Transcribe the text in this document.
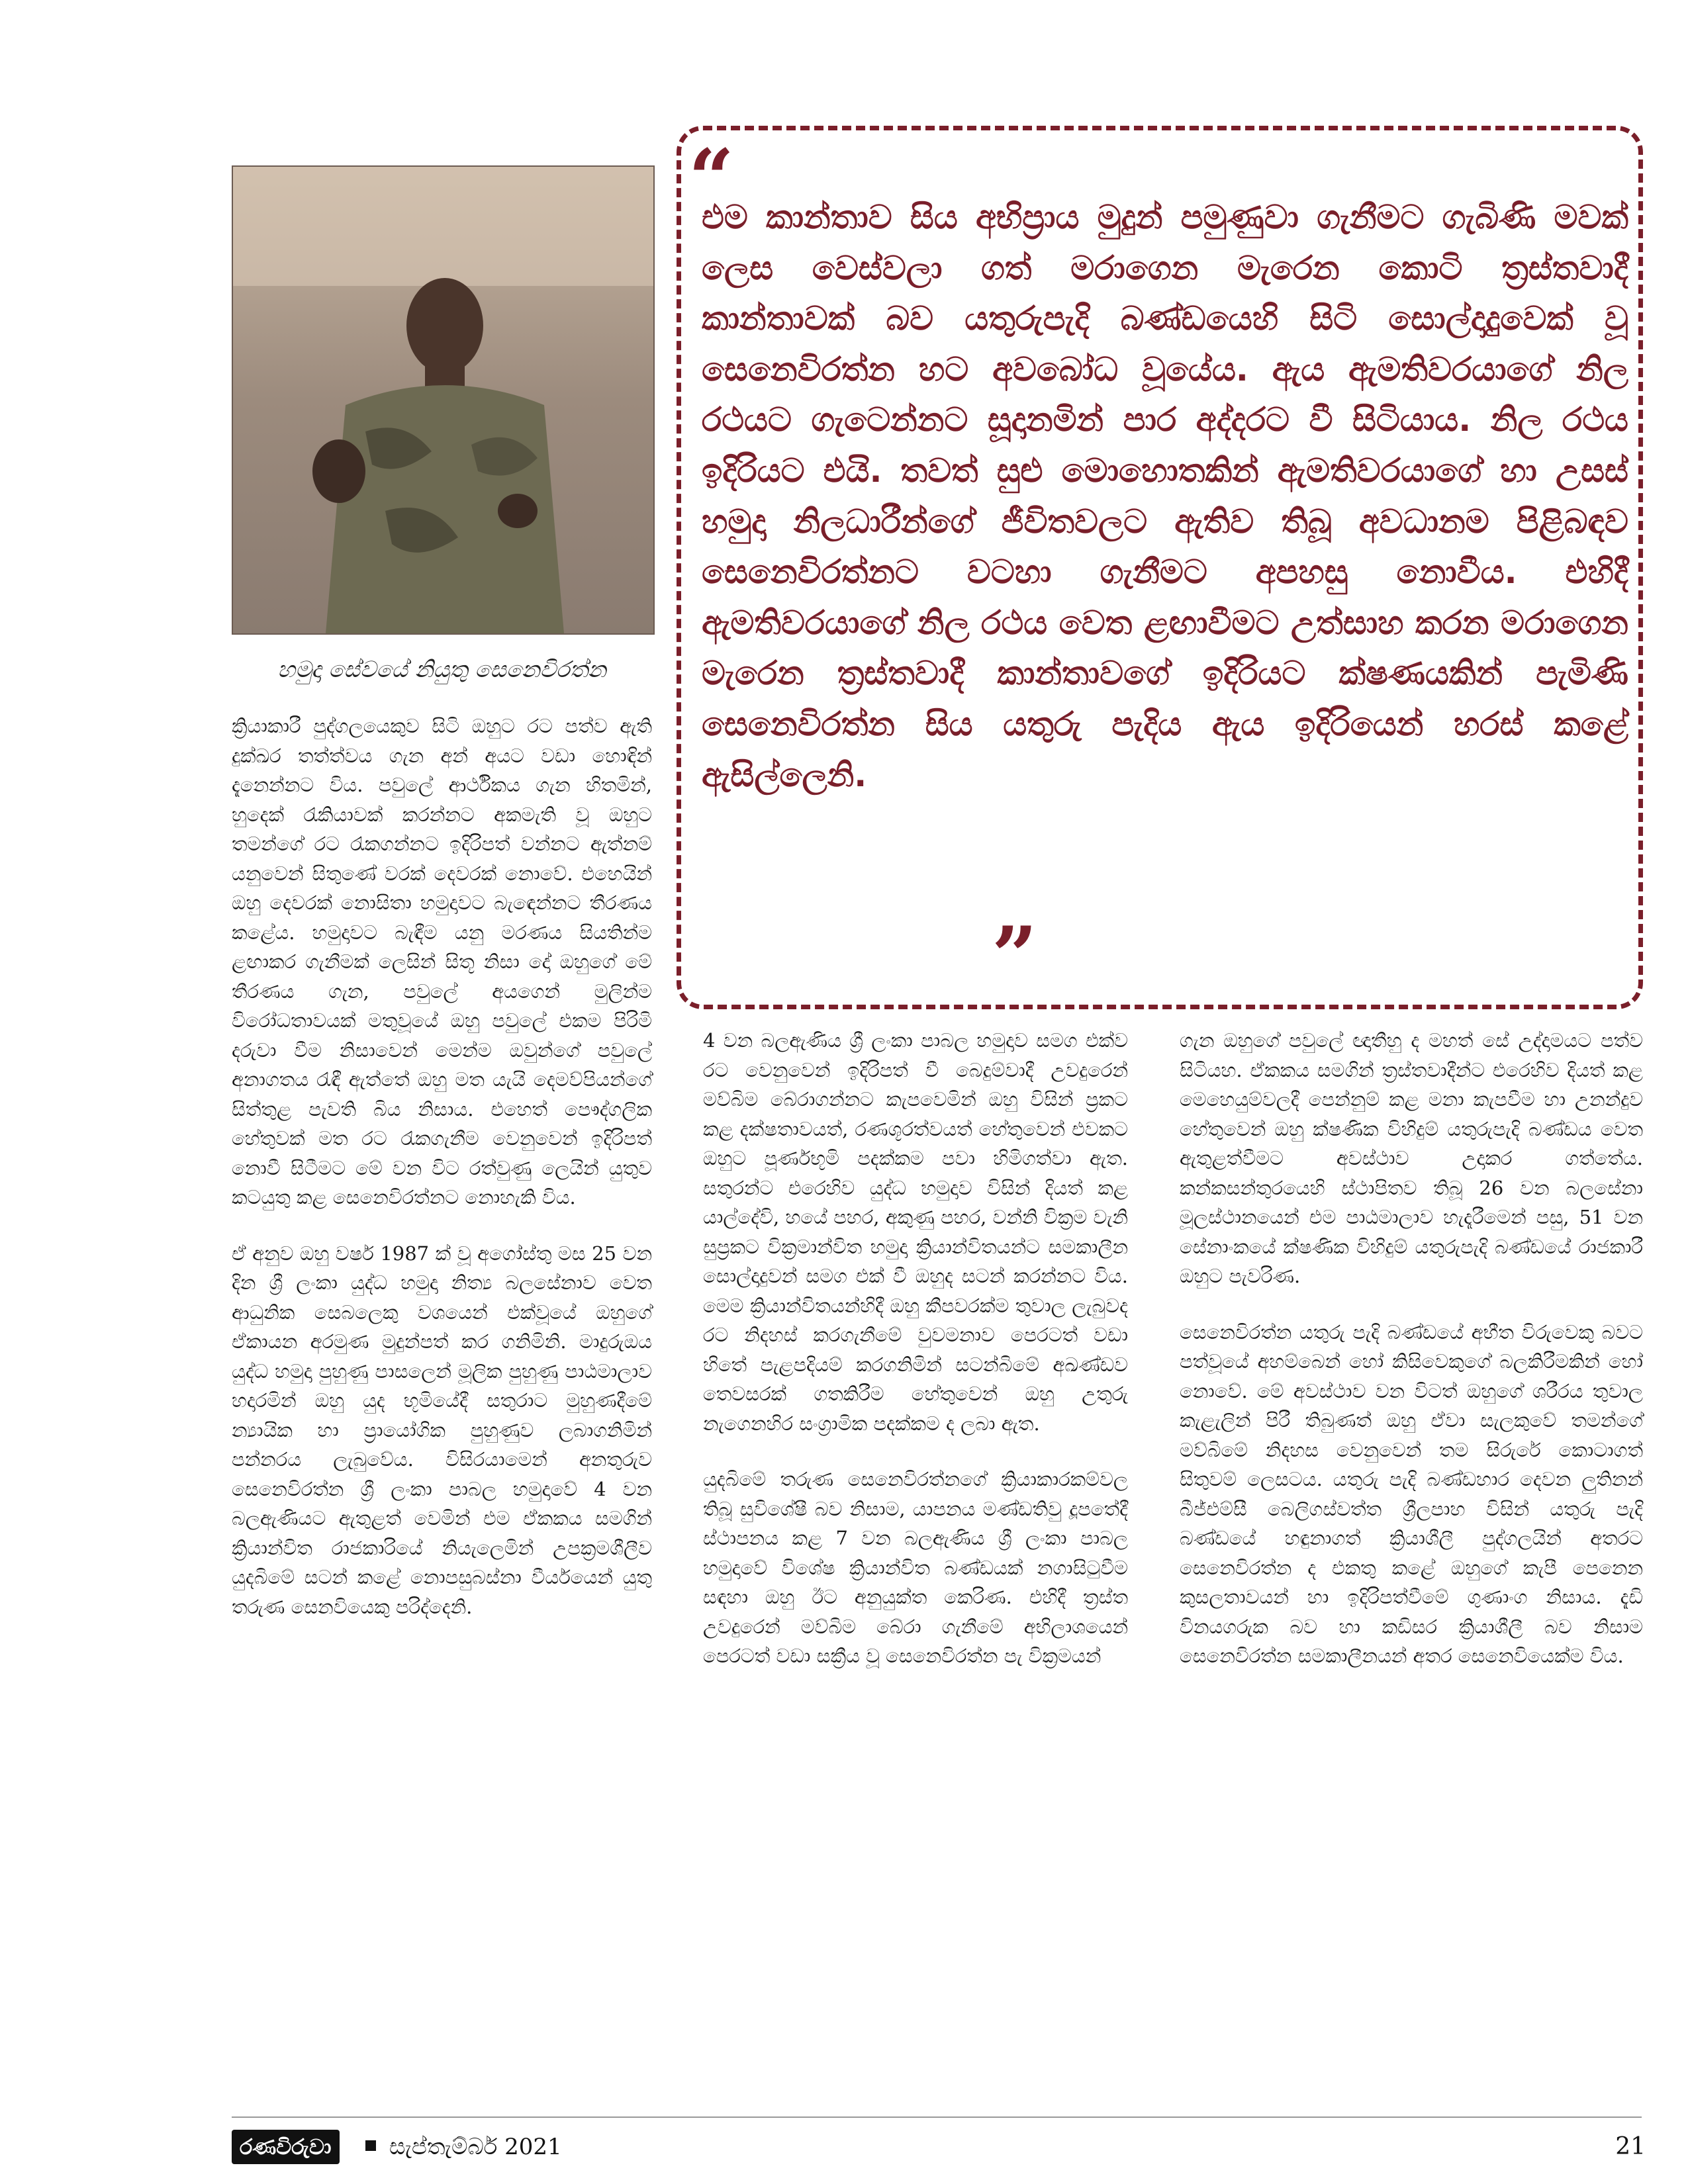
හමුදා සේවයේ නියුතු සෙනෙවිරත්න
“

එම කාන්තාව සිය අභිප්‍රාය මුදුන් පමුණුවා ගැනීමට ගැබිණි මවක් ලෙස වෙස්වලා ගත් මරාගෙන මැරෙන කොටි ත්‍රස්තවාදී කාන්තාවක් බව යතුරුපැදි බණ්ඩයෙහි සිටි සොල්දාදුවෙක් වූ සෙනෙවිරත්න හට අවබෝධ වූයේය. ඇය ඇමතිවරයාගේ නිල රථයට ගැටෙන්නට සූදානමින් පාර අද්දරට වී සිටියාය. නිල රථය ඉදිරියට එයි. තවත් සුළු මොහොතකින් ඇමතිවරයාගේ හා උසස් හමුදා නිලධාරීන්ගේ ජීවිතවලට ඇතිව තිබූ අවධානම පිළිබඳව සෙනෙවිරත්නට වටහා ගැනීමට අපහසු නොවීය. එහිදී ඇමතිවරයාගේ නිල රථය වෙත ළඟාවීමට උත්සාහ කරන මරාගෙන මැරෙන ත්‍රස්තවාදී කාන්තාවගේ ඉදිරියට ක්ෂණයකින් පැමිණි සෙනෙවිරත්න සිය යතුරු පැදිය ඇය ඉදිරියෙන් හරස් කළේ ඇසිල්ලෙනි.

”

ක්‍රියාකාරී පුද්ගලයෙකුව සිටි ඔහුට රට පත්ව ඇති දුක්ඛර තත්ත්වය ගැන අන් අයට වඩා හොඳින් දැනෙන්නට විය. පවුලේ ආර්ථිකය ගැන හිතමින්, හුදෙක් රැකියාවක් කරන්නට අකමැති වූ ඔහුට තමන්ගේ රට රැකගන්නට ඉදිරිපත් වන්නට ඇත්නම් යනුවෙන් සිතුණේ වරක් දෙවරක් නොවේ. එහෙයින් ඔහු දෙවරක් නොසිතා හමුදාවට බැඳෙන්නට තීරණය කළේය. හමුදාවට බැඳීම යනු මරණය සියතින්ම ළඟාකර ගැනීමක් ලෙසින් සිතූ නිසා දෝ ඔහුගේ මේ තීරණය ගැන, පවුලේ අයගෙන් මුලින්ම විරෝධතාවයක් මතුවූයේ ඔහු පවුලේ එකම පිරිමි දරුවා වීම නිසාවෙන් මෙන්ම ඔවුන්ගේ පවුලේ අනාගතය රැඳී ඇත්තේ ඔහු මත යැයි දෙමව්පියන්ගේ සිත්තුළ පැවති බිය නිසාය. එහෙත් පෞද්ගලික හේතුවක් මත රට රැකගැනීම වෙනුවෙන් ඉදිරිපත් නොවී සිටීමට මේ වන විට රත්වුණු ලෙයින් යුතුව කටයුතු කළ සෙනෙවිරත්නට නොහැකි විය.

ඒ අනුව ඔහු වර්ෂ 1987 ක් වූ අගෝස්තු මස 25 වන දින ශ්‍රී ලංකා යුද්ධ හමුදා නිත්‍ය බලසේනාව වෙත ආධුනික සෙබලෙකු වශයෙන් එක්වූයේ ඔහුගේ ඒකායන අරමුණ මුදුන්පත් කර ගනිමිනි. මාදුරුඔය යුද්ධ හමුදා පුහුණු පාසලෙන් මූලික පුහුණු පාඨමාලාව හදාරමින් ඔහු යුද භූමියේදී සතුරාට මුහුණදීමේ න්‍යායික හා ප්‍රායෝගික පුහුණුව ලබාගනිමින් පන්නරය ලැබුවේය. විසිරයාමෙන් අනතුරුව සෙනෙවිරත්න ශ්‍රී ලංකා පාබල හමුදාවේ 4 වන බලඇණියට ඇතුළත් වෙමින් එම ඒකකය සමගින් ක්‍රියාන්විත රාජකාරියේ නියැලෙමින් උපක්‍රමශීලීව යුදබිමේ සටන් කළේ නොපසුබස්නා වීර්යයෙන් යුතු තරුණ සෙනවියෙකු පරිද්දෙනි.

4 වන බලඇණිය ශ්‍රී ලංකා පාබල හමුදාව සමග එක්ව රට වෙනුවෙන් ඉදිරිපත් වී බෙදුම්වාදී උවදුරෙන් මව්බිම බේරාගන්නට කැපවෙමින් ඔහු විසින් ප්‍රකට කළ දක්ෂතාවයත්, රණශූරත්වයත් හේතුවෙන් එවකට ඔහුට පූර්ණභූමි පදක්කම පවා හිමිගත්වා ඇත. සතුරන්ට එරෙහිව යුද්ධ හමුදාව විසින් දියත් කළ යාල්දේවි, හයේ පහර, අකුණු පහර, වන්නි වික්‍රම වැනි සුප්‍රකට වික්‍රමාන්විත හමුදා ක්‍රියාන්විතයන්ට සමකාලීන සොල්දාදුවන් සමග එක් වී ඔහුද සටන් කරන්නට විය. මෙම ක්‍රියාන්විතයන්හිදී ඔහු කීපවරක්ම තුවාල ලැබුවද රට නිදහස් කරගැනීමේ වුවමනාව පෙරටත් වඩා හිතේ පැළපදියම් කරගනිමින් සටන්බිමේ අඛණ්ඩව තෙවසරක් ගතකිරීම හේතුවෙන් ඔහු උතුරු නැගෙනහිර සංග්‍රාමික පදක්කම ද ලබා ඇත.

යුදබිමේ තරුණ සෙනෙවිරත්නගේ ක්‍රියාකාරකම්වල තිබූ සුවිශේෂී බව නිසාම, යාපනය මණ්ඩතිවු දූපතේදී ස්ථාපනය කළ 7 වන බලඇණිය ශ්‍රී ලංකා පාබල හමුදාවේ විශේෂ ක්‍රියාන්විත බණ්ඩයක් නගාසිටුවීම සඳහා ඔහු ඊට අනුයුක්ත කෙරිණ. එහිදී ත්‍රස්ත උවදුරෙන් මව්බිම බේරා ගැනීමේ අභිලාශයෙන් පෙරටත් වඩා සක්‍රීය වූ සෙනෙවිරත්න පැ වික්‍රමයන්

ගැන ඔහුගේ පවුලේ ඥාතීහු ද මහත් සේ උද්දාමයට පත්ව සිටියහ. ඒකකය සමගින් ත්‍රස්තවාදීන්ට එරෙහිව දියත් කළ මෙහෙයුම්වලදී පෙන්නුම් කළ මනා කැපවීම හා උනන්දුව හේතුවෙන් ඔහු ක්ෂණික විහිදුම් යතුරුපැදි බණ්ඩය වෙත ඇතුළත්වීමට අවස්ථාව උදාකර ගත්තේය. කන්කසන්තුරයෙහි ස්ථාපිතව තිබූ 26 වන බලසේනා මූලස්ථානයෙන් එම පාඨමාලාව හැදෑරීමෙන් පසු, 51 වන සේනාංකයේ ක්ෂණික විහිදුම් යතුරුපැදි බණ්ඩයේ රාජකාරී ඔහුට පැවරිණ.

සෙනෙවිරත්න යතුරු පැදි බණ්ඩයේ අභීත විරුවෙකු බවට පත්වූයේ අහම්බෙන් හෝ කිසිවෙකුගේ බලකිරීමකින් හෝ නොවේ. මේ අවස්ථාව වන විටත් ඔහුගේ ශරීරය තුවාල කැළැලින් පිරී තිබුණත් ඔහු ඒවා සැලකුවේ තමන්ගේ මව්බිමේ නිදහස වෙනුවෙන් තම සිරුරේ කොටාගත් සිතුවම් ලෙසටය. යතුරු පැදි බණ්ඩහාර දෙවන ලුතිනන් බීජ්එම්සී බෙලිගස්වත්ත ශ්‍රීලපාහ විසින් යතුරු පැදි බණ්ඩයේ හඳුනාගත් ක්‍රියාශීලී පුද්ගලයින් අතරට සෙනෙවිරත්න ද එකතු කළේ ඔහුගේ කැපී පෙනෙන කුසලතාවයන් හා ඉදිරිපත්වීමේ ගුණාංග නිසාය. දැඩි විනයගරුක බව හා කඩිසර ක්‍රියාශීලී බව නිසාම සෙනෙවිරත්න සමකාලීනයන් අතර සෙනෙවියෙක්ම විය.

රණවිරුවා	සැප්තැම්බර් 2021	21
